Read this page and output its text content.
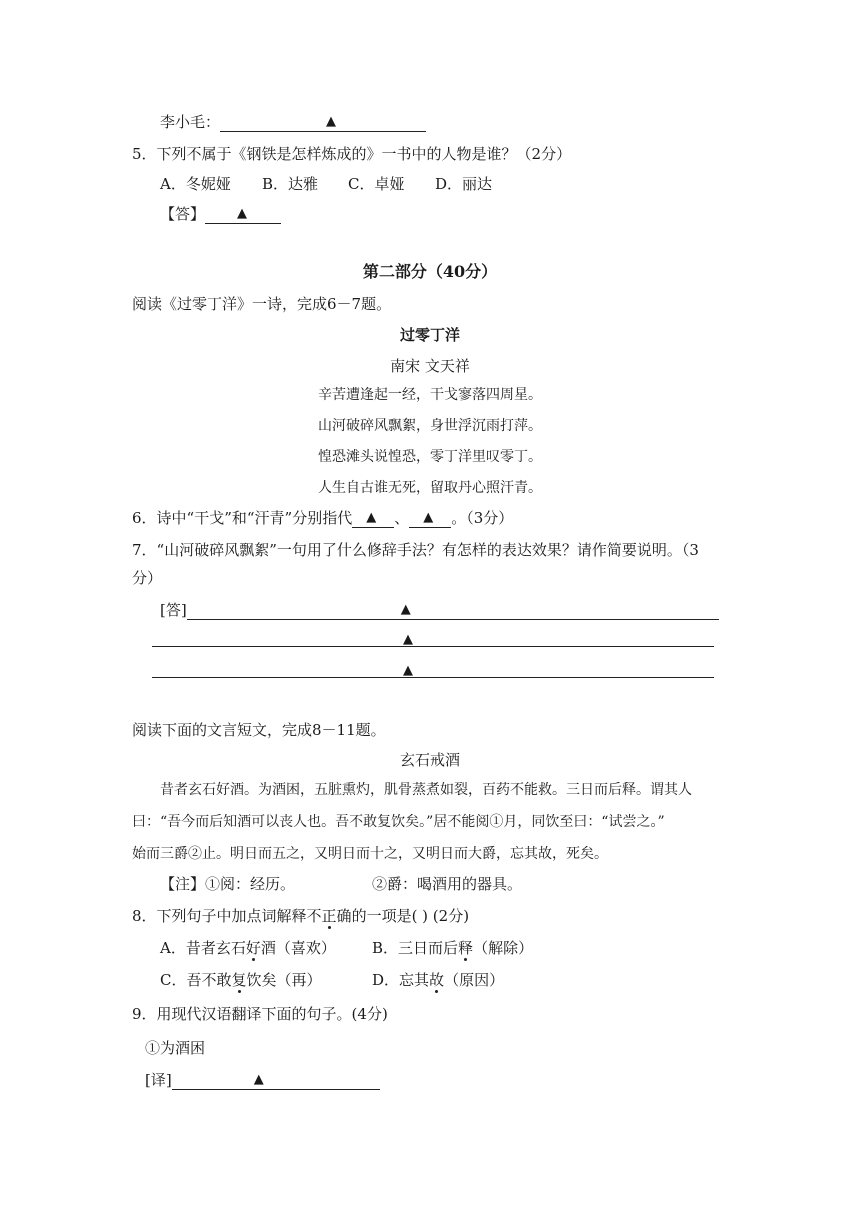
李小毛：	▲
5．下列不属于《钢铁是怎样炼成的》一书中的人物是谁？（2分）
A．冬妮娅 B．达雅 C．卓娅 D．丽达
【答】 ▲
第二部分（40分）
阅读《过零丁洋》一诗，完成6－7题。
过零丁洋
南宋 文天祥
辛苦遭逢起一经，干戈寥落四周星。
山河破碎风飘絮，身世浮沉雨打萍。
惶恐滩头说惶恐，零丁洋里叹零丁。
人生自古谁无死，留取丹心照汗青。
6．诗中“干戈”和“汗青”分别指代 ▲ 、 ▲ 。（3分）
7．“山河破碎风飘絮”一句用了什么修辞手法？有怎样的表达效果？请作简要说明。（3
分）
[答]	▲
▲
▲
阅读下面的文言短文，完成8－11题。
玄石戒酒
昔者玄石好酒。为酒困，五脏熏灼，肌骨蒸煮如裂，百药不能救。三日而后释。谓其人
曰：“吾今而后知酒可以丧人也。吾不敢复饮矣。”居不能阅①月，同饮至曰：“试尝之。”
始而三爵②止。明日而五之，又明日而十之，又明日而大爵，忘其故，死矣。
【注】①阅：经历。	②爵：喝酒用的器具。
8．下列句子中加点词解释不正确的一项是( ) (2分)
A．昔者玄石好酒（喜欢） B．三日而后释（解除）
C．吾不敢复饮矣（再）	D．忘其故（原因）
9．用现代汉语翻译下面的句子。(4分)
①为酒困
[译]	▲
